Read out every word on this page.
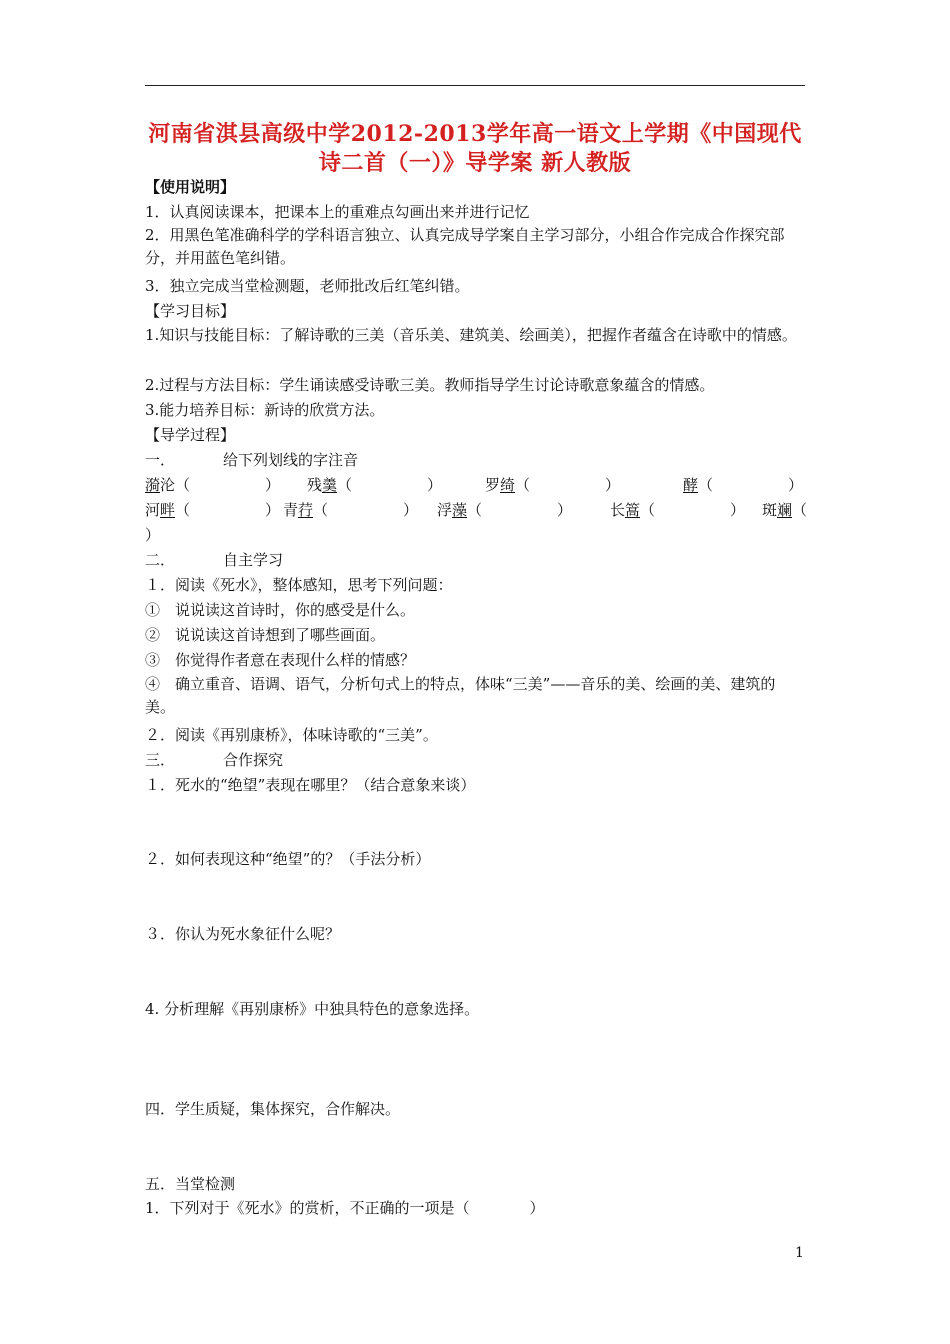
河南省淇县高级中学2012-2013学年高一语文上学期《中国现代诗二首（一）》导学案 新人教版
【使用说明】
1．认真阅读课本，把课本上的重难点勾画出来并进行记忆
2．用黑色笔准确科学的学科语言独立、认真完成导学案自主学习部分，小组合作完成合作探究部分，并用蓝色笔纠错。
3．独立完成当堂检测题，老师批改后红笔纠错。
【学习目标】
1.知识与技能目标：了解诗歌的三美（音乐美、建筑美、绘画美），把握作者蕴含在诗歌中的情感。
2.过程与方法目标：学生诵读感受诗歌三美。教师指导学生讨论诗歌意象蕴含的情感。
3.能力培养目标：新诗的欣赏方法。
【导学过程】
一．	给下列划线的字注音
漪沦（　　　　　） 残羹（　　　　　）	罗绮（　　　　　）	酵（　　　　　）
河畔（　　　　　） 青荇（　　　　　） 浮藻（　　　　　）	长篙（　　　　　） 斑斓（
）
二．	自主学习
１．阅读《死水》，整体感知，思考下列问题：
①　说说读这首诗时，你的感受是什么。
②　说说读这首诗想到了哪些画面。
③　你觉得作者意在表现什么样的情感？
④　确立重音、语调、语气，分析句式上的特点，体味“三美”——音乐的美、绘画的美、建筑的美。
２．阅读《再别康桥》，体味诗歌的“三美”。
三．	合作探究
１．死水的“绝望”表现在哪里？（结合意象来谈）
２．如何表现这种“绝望”的？（手法分析）
３．你认为死水象征什么呢？
4. 分析理解《再别康桥》中独具特色的意象选择。
四．学生质疑，集体探究，合作解决。
五．当堂检测
1．下列对于《死水》的赏析，不正确的一项是（　　　　）
1
